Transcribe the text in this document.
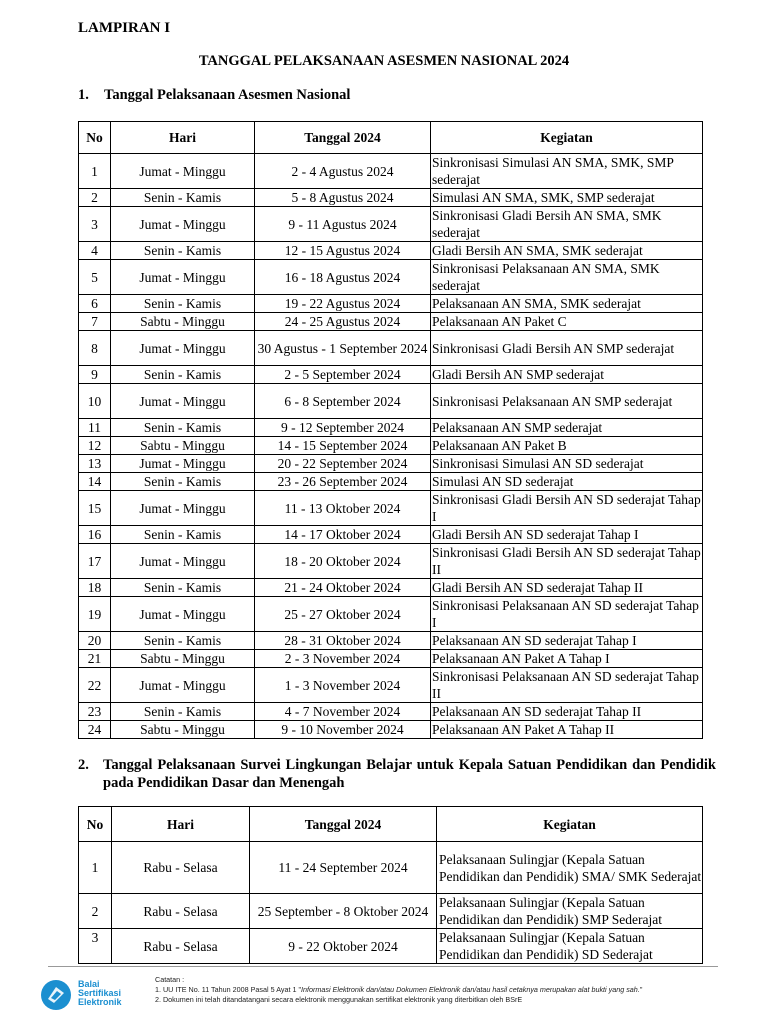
LAMPIRAN I
TANGGAL PELAKSANAAN ASESMEN NASIONAL 2024
1. Tanggal Pelaksanaan Asesmen Nasional
No	Hari	Tanggal 2024	Kegiatan
1	Jumat - Minggu	2 - 4 Agustus 2024	Sinkronisasi Simulasi AN SMA, SMK, SMP sederajat
2	Senin - Kamis	5 - 8 Agustus 2024	Simulasi AN SMA, SMK, SMP sederajat
3	Jumat - Minggu	9 - 11 Agustus 2024	Sinkronisasi Gladi Bersih AN SMA, SMK sederajat
4	Senin - Kamis	12 - 15 Agustus 2024	Gladi Bersih AN SMA, SMK sederajat
5	Jumat - Minggu	16 - 18 Agustus 2024	Sinkronisasi Pelaksanaan AN SMA, SMK sederajat
6	Senin - Kamis	19 - 22 Agustus 2024	Pelaksanaan AN SMA, SMK sederajat
7	Sabtu - Minggu	24 - 25 Agustus 2024	Pelaksanaan AN Paket C
8	Jumat - Minggu	30 Agustus - 1 September 2024	Sinkronisasi Gladi Bersih AN SMP sederajat
9	Senin - Kamis	2 - 5 September 2024	Gladi Bersih AN SMP sederajat
10	Jumat - Minggu	6 - 8 September 2024	Sinkronisasi Pelaksanaan AN SMP sederajat
11	Senin - Kamis	9 - 12 September 2024	Pelaksanaan AN SMP sederajat
12	Sabtu - Minggu	14 - 15 September 2024	Pelaksanaan AN Paket B
13	Jumat - Minggu	20 - 22 September 2024	Sinkronisasi Simulasi AN SD sederajat
14	Senin - Kamis	23 - 26 September 2024	Simulasi AN SD sederajat
15	Jumat - Minggu	11 - 13 Oktober 2024	Sinkronisasi Gladi Bersih AN SD sederajat Tahap I
16	Senin - Kamis	14 - 17 Oktober 2024	Gladi Bersih AN SD sederajat Tahap I
17	Jumat - Minggu	18 - 20 Oktober 2024	Sinkronisasi Gladi Bersih AN SD sederajat Tahap II
18	Senin - Kamis	21 - 24 Oktober 2024	Gladi Bersih AN SD sederajat Tahap II
19	Jumat - Minggu	25 - 27 Oktober 2024	Sinkronisasi Pelaksanaan AN SD sederajat Tahap I
20	Senin - Kamis	28 - 31 Oktober 2024	Pelaksanaan AN SD sederajat Tahap I
21	Sabtu - Minggu	2 - 3 November 2024	Pelaksanaan AN Paket A Tahap I
22	Jumat - Minggu	1 - 3 November 2024	Sinkronisasi Pelaksanaan AN SD sederajat Tahap II
23	Senin - Kamis	4 - 7 November 2024	Pelaksanaan AN SD sederajat Tahap II
24	Sabtu - Minggu	9 - 10 November 2024	Pelaksanaan AN Paket A Tahap II
2. Tanggal Pelaksanaan Survei Lingkungan Belajar untuk Kepala Satuan Pendidikan dan Pendidik pada Pendidikan Dasar dan Menengah
No	Hari	Tanggal 2024	Kegiatan
1	Rabu - Selasa	11 - 24 September 2024	Pelaksanaan Sulingjar (Kepala Satuan Pendidikan dan Pendidik) SMA/ SMK Sederajat
2	Rabu - Selasa	25 September - 8 Oktober 2024	Pelaksanaan Sulingjar (Kepala Satuan Pendidikan dan Pendidik) SMP Sederajat
3	Rabu - Selasa	9 - 22 Oktober 2024	Pelaksanaan Sulingjar (Kepala Satuan Pendidikan dan Pendidik) SD Sederajat
Balai
Sertifikasi
Elektronik
Catatan :
1. UU ITE No. 11 Tahun 2008 Pasal 5 Ayat 1 "Informasi Elektronik dan/atau Dokumen Elektronik dan/atau hasil cetaknya merupakan alat bukti yang sah."
2. Dokumen ini telah ditandatangani secara elektronik menggunakan sertifikat elektronik yang diterbitkan oleh BSrE
